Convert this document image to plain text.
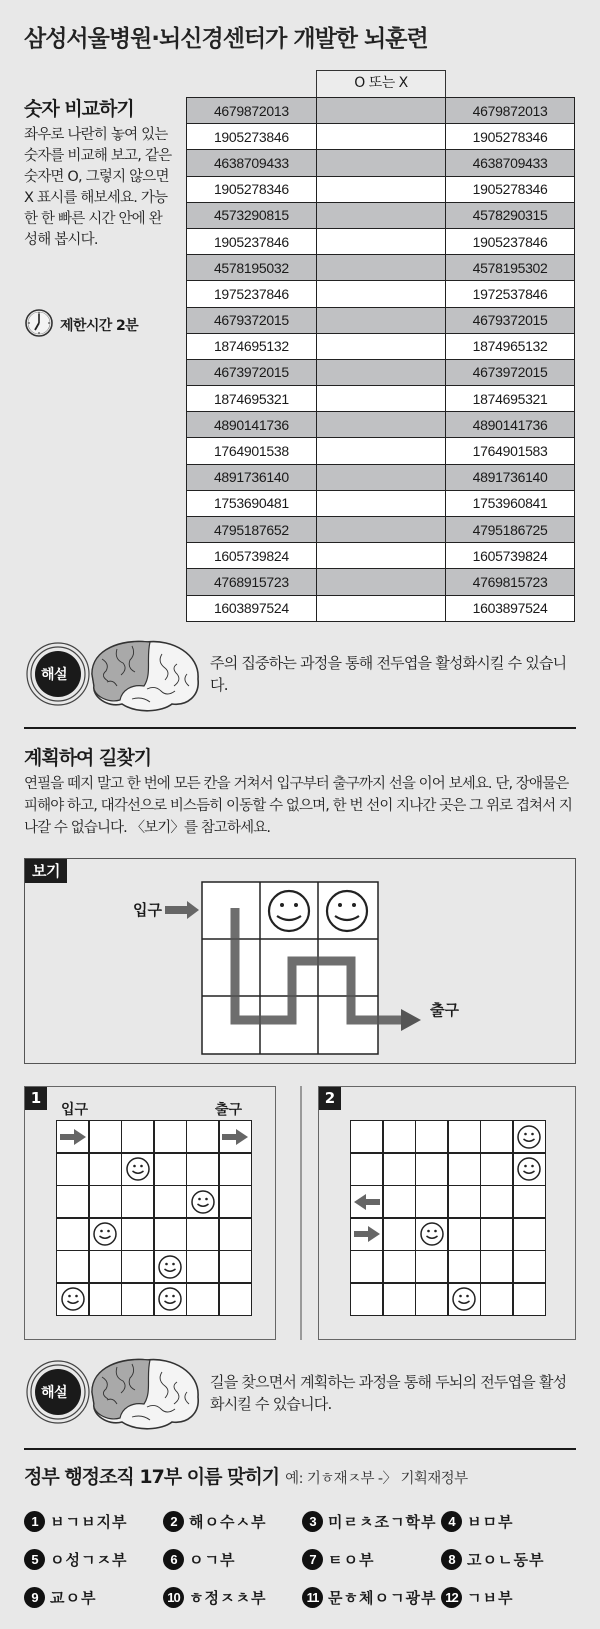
삼성서울병원·뇌신경센터가 개발한 뇌훈련
숫자 비교하기
좌우로 나란히 놓여 있는 숫자를 비교해 보고, 같은 숫자면 O, 그렇지 않으면 X 표시를 해보세요. 가능한 한 빠른 시간 안에 완성해 봅시다.
제한시간 2분
O 또는 X
4679872013		4679872013
1905273846		1905278346
4638709433		4638709433
1905278346		1905278346
4573290815		4578290315
1905237846		1905237846
4578195032		4578195302
1975237846		1972537846
4679372015		4679372015
1874695132		1874965132
4673972015		4673972015
1874695321		1874695321
4890141736		4890141736
1764901538		1764901583
4891736140		4891736140
1753690481		1753960841
4795187652		4795186725
1605739824		1605739824
4768915723		4769815723
1603897524		1603897524
해설
주의 집중하는 과정을 통해 전두엽을 활성화시킬 수 있습니다.
계획하여 길찾기
연필을 떼지 말고 한 번에 모든 칸을 거쳐서 입구부터 출구까지 선을 이어 보세요. 단, 장애물은 피해야 하고, 대각선으로 비스듬히 이동할 수 없으며, 한 번 선이 지나간 곳은 그 위로 겹쳐서 지나갈 수 없습니다. 〈보기〉를 참고하세요.
보기
입구
출구
1
입구	출구
2
해설
길을 찾으면서 계획하는 과정을 통해 두뇌의 전두엽을 활성화시킬 수 있습니다.
정부 행정조직 17부 이름 맞히기 예: 기ㅎ재ㅈ부 -〉 기획재정부
1 ㅂㄱㅂ지부	2 해ㅇ수ㅅ부	3 미ㄹㅊ조ㄱ학부 4 ㅂㅁ부
5 ㅇ성ㄱㅈ부	6 ㅇㄱ부	7 ㅌㅇ부	8 고ㅇㄴ동부
9 교ㅇ부	10 ㅎ정ㅈㅊ부	11 문ㅎ체ㅇㄱ광부 12 ㄱㅂ부
